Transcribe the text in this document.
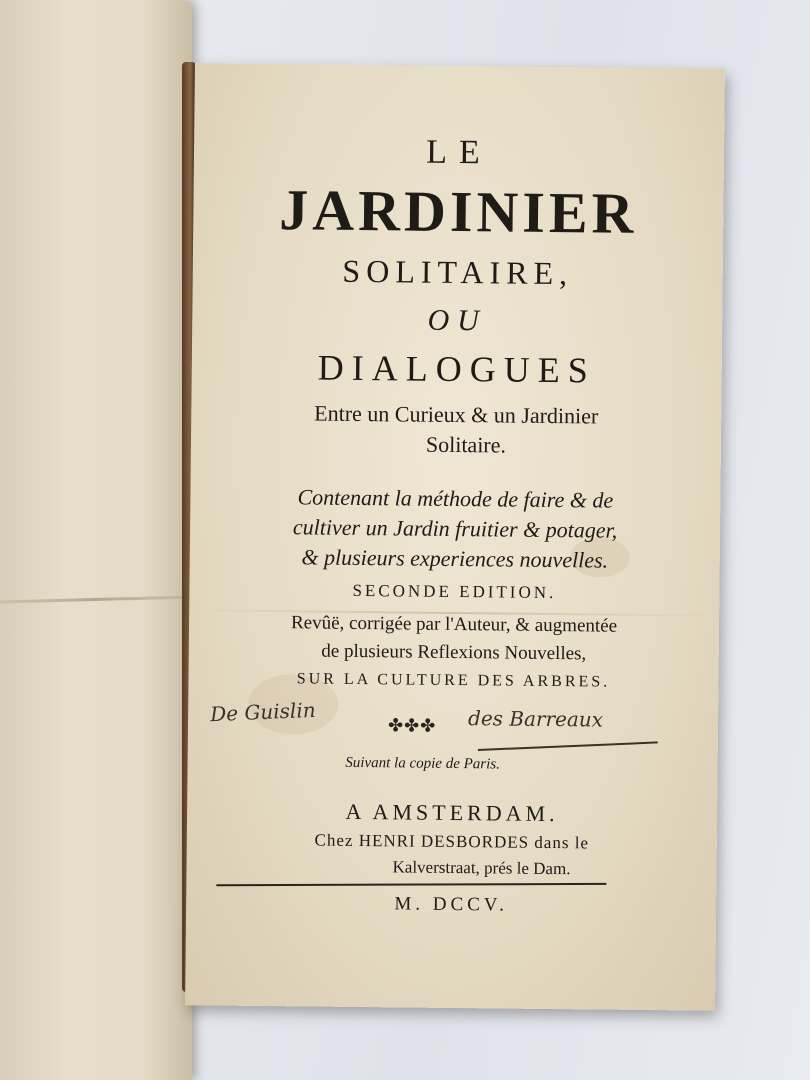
LE
JARDINIER
SOLITAIRE,
OU
DIALOGUES
Entre un Curieux & un Jardinier
Solitaire.
Contenant la méthode de faire & de
cultiver un Jardin fruitier & potager,
& plusieurs experiences nouvelles.
SECONDE EDITION.
Revûë, corrigée par l'Auteur, & augmentée
de plusieurs Reflexions Nouvelles,
SUR LA CULTURE DES ARBRES.
De Guislin	✤✤✤ des Barreaux
Suivant la copie de Paris.
A AMSTERDAM.
Chez HENRI DESBORDES dans le
Kalverstraat, prés le Dam.
M. DCCV.
